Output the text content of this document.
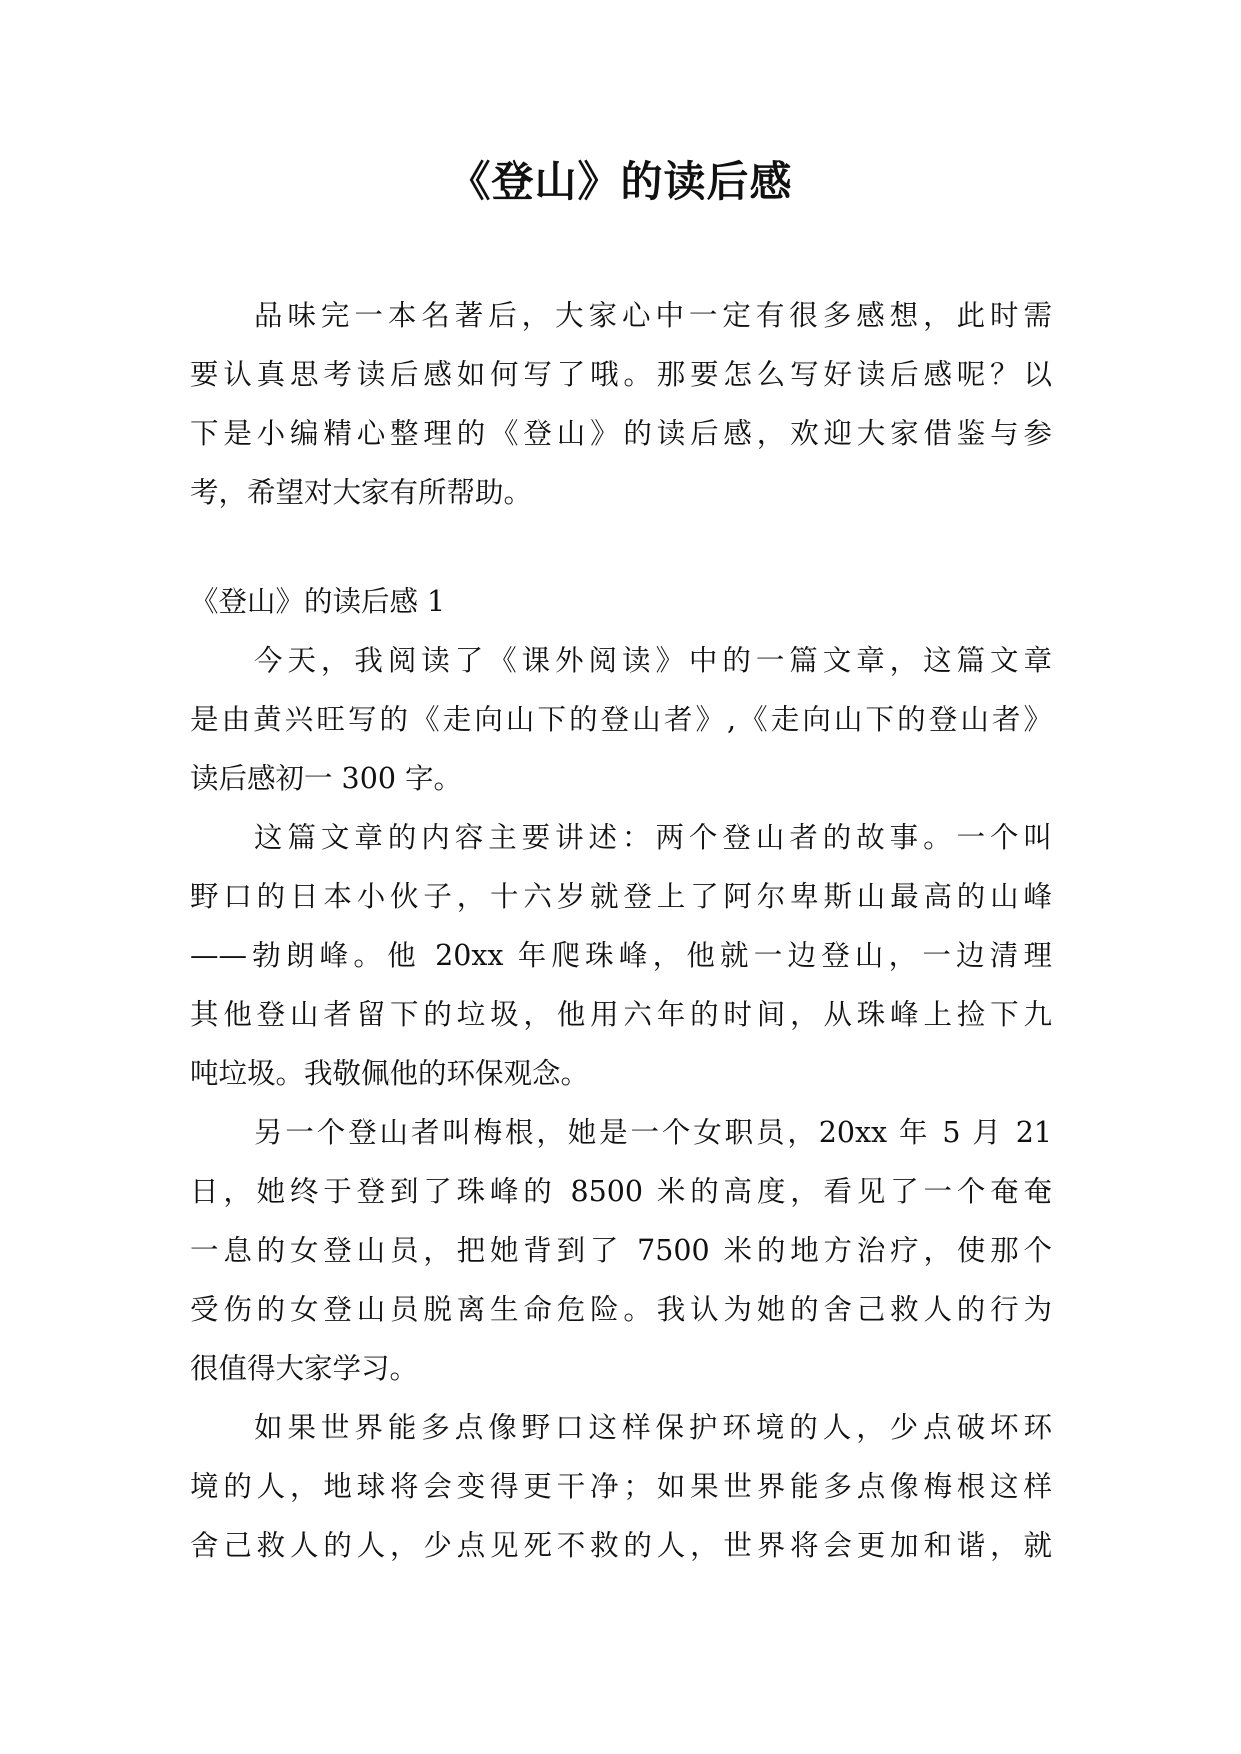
《登山》的读后感
品味完一本名著后，大家心中一定有很多感想，此时需
要认真思考读后感如何写了哦。那要怎么写好读后感呢？以
下是小编精心整理的《登山》的读后感，欢迎大家借鉴与参
考，希望对大家有所帮助。
《登山》的读后感 1
今天，我阅读了《课外阅读》中的一篇文章，这篇文章
是由黄兴旺写的《走向山下的登山者》,《走向山下的登山者》
读后感初一 300 字。
这篇文章的内容主要讲述：两个登山者的故事。一个叫
野口的日本小伙子，十六岁就登上了阿尔卑斯山最高的山峰
——勃朗峰。他 20xx 年爬珠峰，他就一边登山，一边清理
其他登山者留下的垃圾，他用六年的时间，从珠峰上捡下九
吨垃圾。我敬佩他的环保观念。
另一个登山者叫梅根，她是一个女职员，20xx 年 5 月 21
日，她终于登到了珠峰的 8500 米的高度，看见了一个奄奄
一息的女登山员，把她背到了 7500 米的地方治疗，使那个
受伤的女登山员脱离生命危险。我认为她的舍己救人的行为
很值得大家学习。
如果世界能多点像野口这样保护环境的人，少点破坏环
境的人，地球将会变得更干净；如果世界能多点像梅根这样
舍己救人的人，少点见死不救的人，世界将会更加和谐，就
